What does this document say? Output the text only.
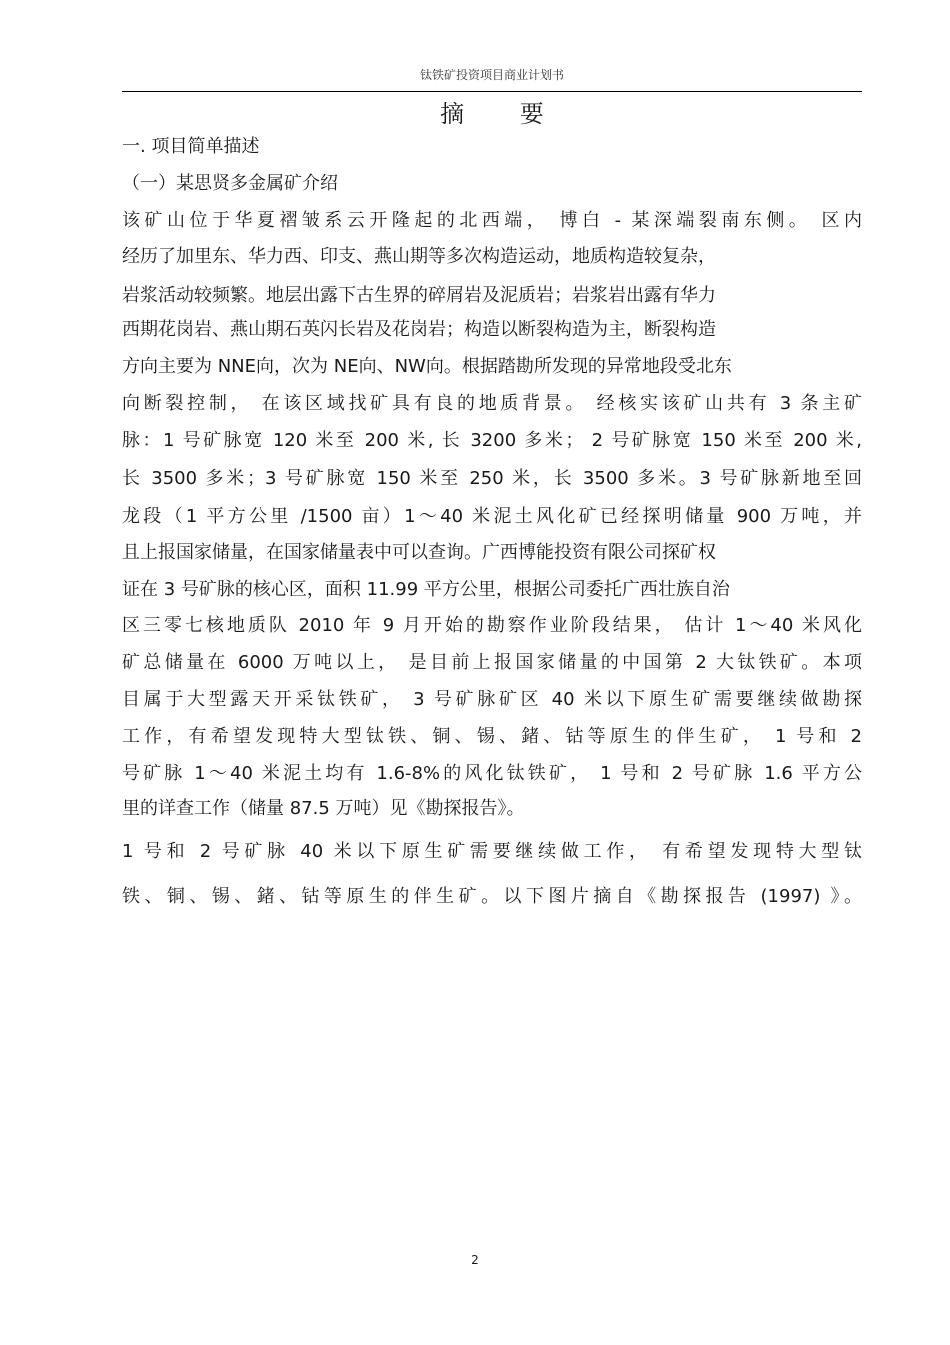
钛铁矿投资项目商业计划书
摘 要
一. 项目简单描述
（一）某思贤多金属矿介绍
该矿山位于华夏褶皱系云开隆起的北西端， 博白 - 某深端裂南东侧。 区内
经历了加里东、华力西、印支、燕山期等多次构造运动，地质构造较复杂，
岩浆活动较频繁。地层出露下古生界的碎屑岩及泥质岩；岩浆岩出露有华力
西期花岗岩、燕山期石英闪长岩及花岗岩；构造以断裂构造为主，断裂构造
方向主要为 NNE向，次为 NE向、NW向。根据踏勘所发现的异常地段受北东
向断裂控制， 在该区域找矿具有良的地质背景。 经核实该矿山共有 3 条主矿
脉：1 号矿脉宽 120 米至 200 米, 长 3200 多米； 2 号矿脉宽 150 米至 200 米,
长 3500 多米；3 号矿脉宽 150 米至 250 米，长 3500 多米。3 号矿脉新地至回
龙段（1 平方公里 /1500 亩）1～40 米泥土风化矿已经探明储量 900 万吨，并
且上报国家储量，在国家储量表中可以查询。广西博能投资有限公司探矿权
证在 3 号矿脉的核心区，面积 11.99 平方公里，根据公司委托广西壮族自治
区三零七核地质队 2010 年 9 月开始的勘察作业阶段结果， 估计 1～40 米风化
矿总储量在 6000 万吨以上， 是目前上报国家储量的中国第 2 大钛铁矿。本项
目属于大型露天开采钛铁矿， 3 号矿脉矿区 40 米以下原生矿需要继续做勘探
工作，有希望发现特大型钛铁、铜、锡、鍺、钴等原生的伴生矿， 1 号和 2
号矿脉 1～40 米泥土均有 1.6-8%的风化钛铁矿， 1 号和 2 号矿脉 1.6 平方公
里的详查工作（储量 87.5 万吨）见《勘探报告》。
1 号和 2 号矿脉 40 米以下原生矿需要继续做工作， 有希望发现特大型钛
铁、铜、锡、鍺、钴等原生的伴生矿。以下图片摘自《勘探报告 (1997) 》。
2
